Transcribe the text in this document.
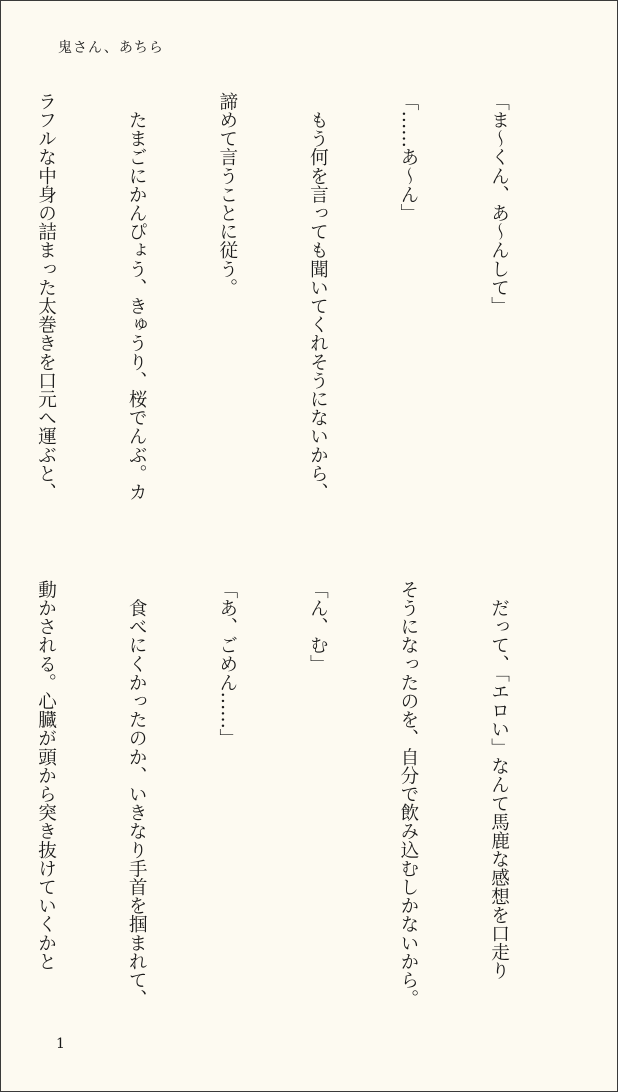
鬼さん、あちら

「ま〜くん、あ〜んして」

「……あ〜ん」

　もう何を言っても聞いてくれそうにないから、

諦めて言うことに従う。

　たまごにかんぴょう、きゅうり、桜でんぶ。カ

ラフルな中身の詰まった太巻きを口元へ運ぶと、

　だって、「エロい」なんて馬鹿な感想を口走り

そうになったのを、自分で飲み込むしかないから。

「ん、む」

「あ、ごめん……」

　食べにくかったのか、いきなり手首を掴まれて、

動かされる。心臓が頭から突き抜けていくかと

1
